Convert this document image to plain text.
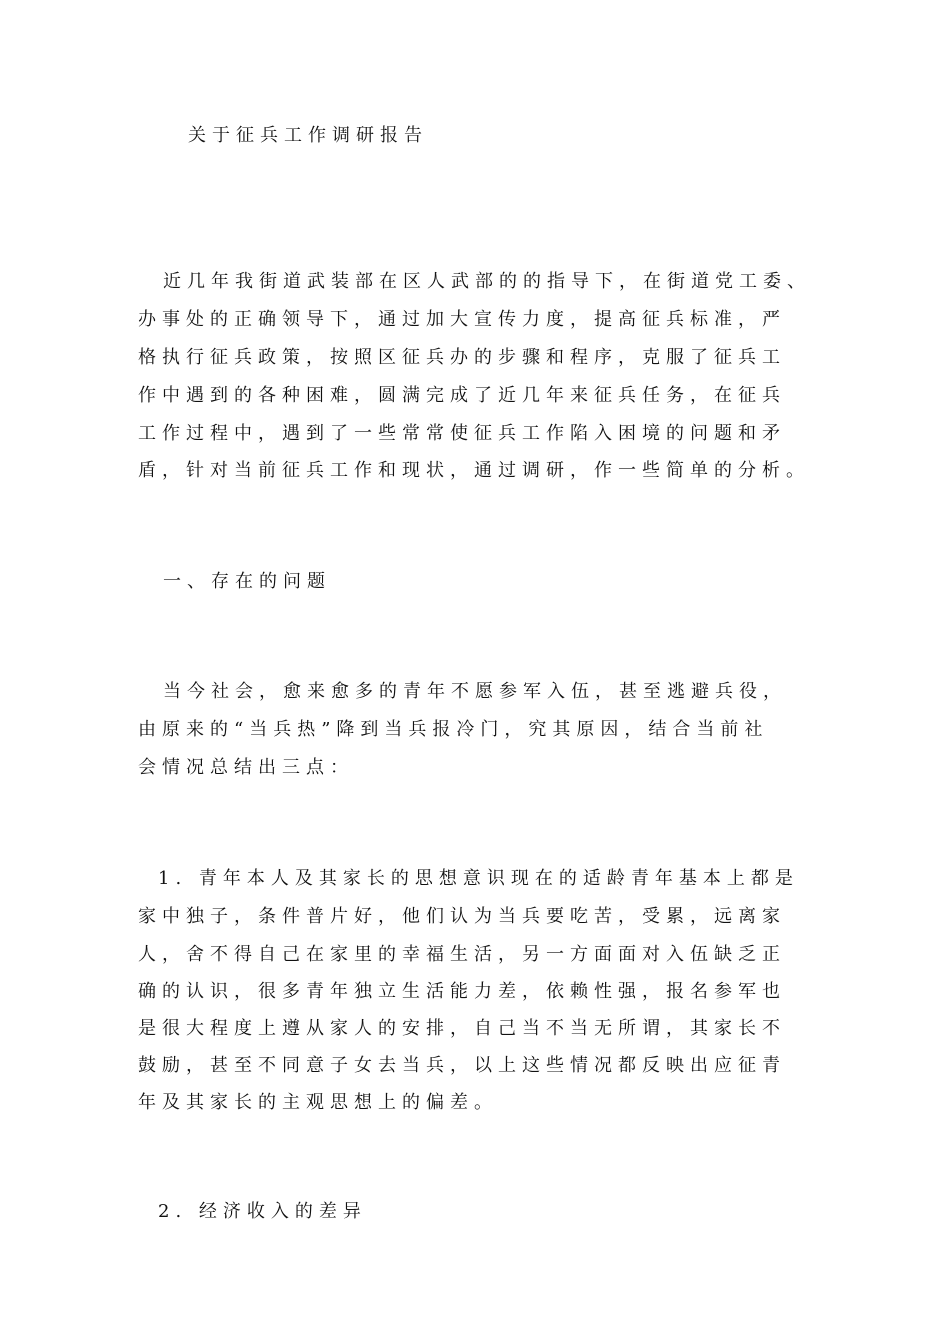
关于征兵工作调研报告
近几年我街道武装部在区人武部的的指导下，在街道党工委、
办事处的正确领导下，通过加大宣传力度，提高征兵标准，严
格执行征兵政策，按照区征兵办的步骤和程序，克服了征兵工
作中遇到的各种困难，圆满完成了近几年来征兵任务，在征兵
工作过程中，遇到了一些常常使征兵工作陷入困境的问题和矛
盾，针对当前征兵工作和现状，通过调研，作一些简单的分析。
一、存在的问题
当今社会，愈来愈多的青年不愿参军入伍，甚至逃避兵役，
由原来的“当兵热”降到当兵报冷门，究其原因，结合当前社
会情况总结出三点：
1. 青年本人及其家长的思想意识现在的适龄青年基本上都是
家中独子，条件普片好，他们认为当兵要吃苦，受累，远离家
人，舍不得自己在家里的幸福生活，另一方面面对入伍缺乏正
确的认识，很多青年独立生活能力差，依赖性强，报名参军也
是很大程度上遵从家人的安排，自己当不当无所谓，其家长不
鼓励，甚至不同意子女去当兵，以上这些情况都反映出应征青
年及其家长的主观思想上的偏差。
2. 经济收入的差异
